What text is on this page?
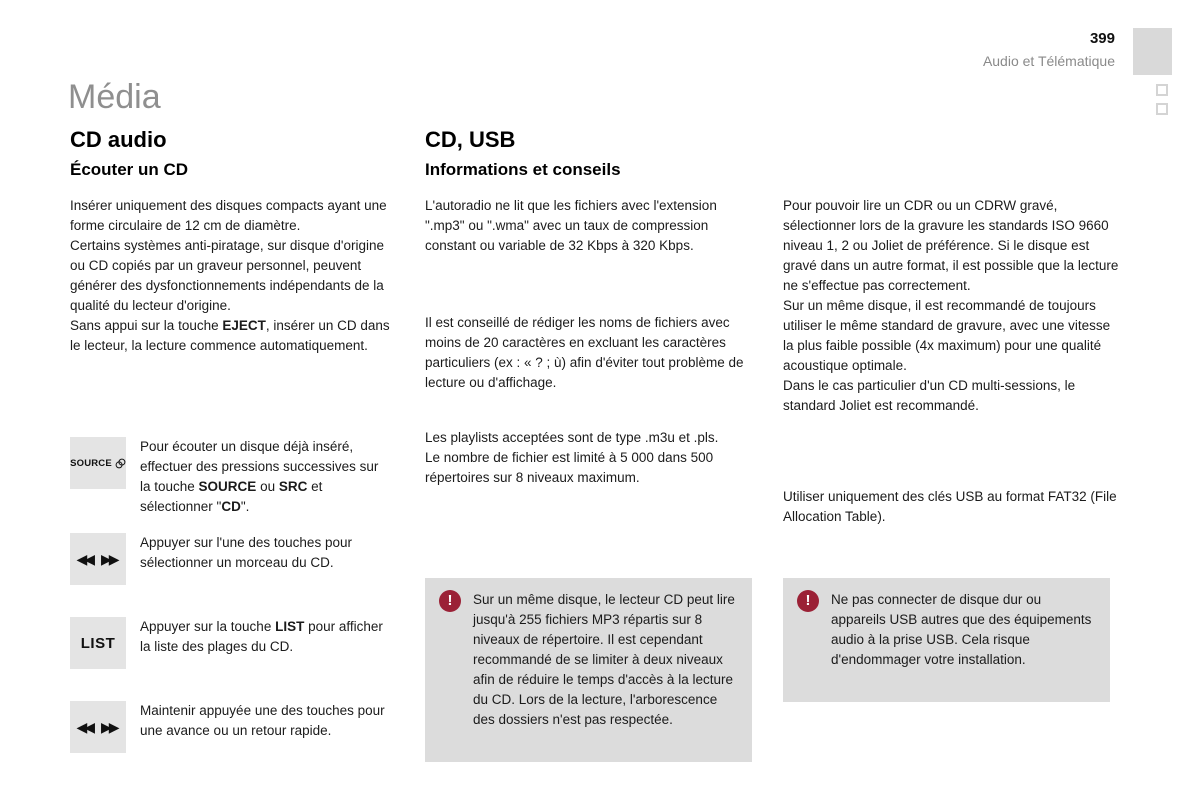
399
Audio et Télématique
Média
CD audio
Écouter un CD

Insérer uniquement des disques compacts ayant une forme circulaire de 12 cm de diamètre.

Certains systèmes anti-piratage, sur disque d'origine ou CD copiés par un graveur personnel, peuvent générer des dysfonctionnements indépendants de la qualité du lecteur d'origine.

Sans appui sur la touche EJECT, insérer un CD dans le lecteur, la lecture commence automatiquement.

SOURCE

Pour écouter un disque déjà inséré, effectuer des pressions successives sur la touche SOURCE ou SRC et sélectionner "CD".

◀◀ ▶▶

Appuyer sur l'une des touches pour sélectionner un morceau du CD.

LIST

Appuyer sur la touche LIST pour afficher la liste des plages du CD.

◀◀ ▶▶

Maintenir appuyée une des touches pour une avance ou un retour rapide.

CD, USB
Informations et conseils

L'autoradio ne lit que les fichiers avec l'extension ".mp3" ou ".wma" avec un taux de compression constant ou variable de 32 Kbps à 320 Kbps.

Il est conseillé de rédiger les noms de fichiers avec moins de 20 caractères en excluant les caractères particuliers (ex : « ? ; ù) afin d'éviter tout problème de lecture ou d'affichage.

Les playlists acceptées sont de type .m3u et .pls.

Le nombre de fichier est limité à 5 000 dans 500 répertoires sur 8 niveaux maximum.

!	Sur un même disque, le lecteur CD peut lire jusqu'à 255 fichiers MP3 répartis sur 8 niveaux de répertoire. Il est cependant recommandé de se limiter à deux niveaux afin de réduire le temps d'accès à la lecture du CD. Lors de la lecture, l'arborescence des dossiers n'est pas respectée.

Pour pouvoir lire un CDR ou un CDRW gravé, sélectionner lors de la gravure les standards ISO 9660 niveau 1, 2 ou Joliet de préférence. Si le disque est gravé dans un autre format, il est possible que la lecture ne s'effectue pas correctement.

Sur un même disque, il est recommandé de toujours utiliser le même standard de gravure, avec une vitesse la plus faible possible (4x maximum) pour une qualité acoustique optimale.

Dans le cas particulier d'un CD multi-sessions, le standard Joliet est recommandé.

Utiliser uniquement des clés USB au format FAT32 (File Allocation Table).

!	Ne pas connecter de disque dur ou appareils USB autres que des équipements audio à la prise USB. Cela risque d'endommager votre installation.
